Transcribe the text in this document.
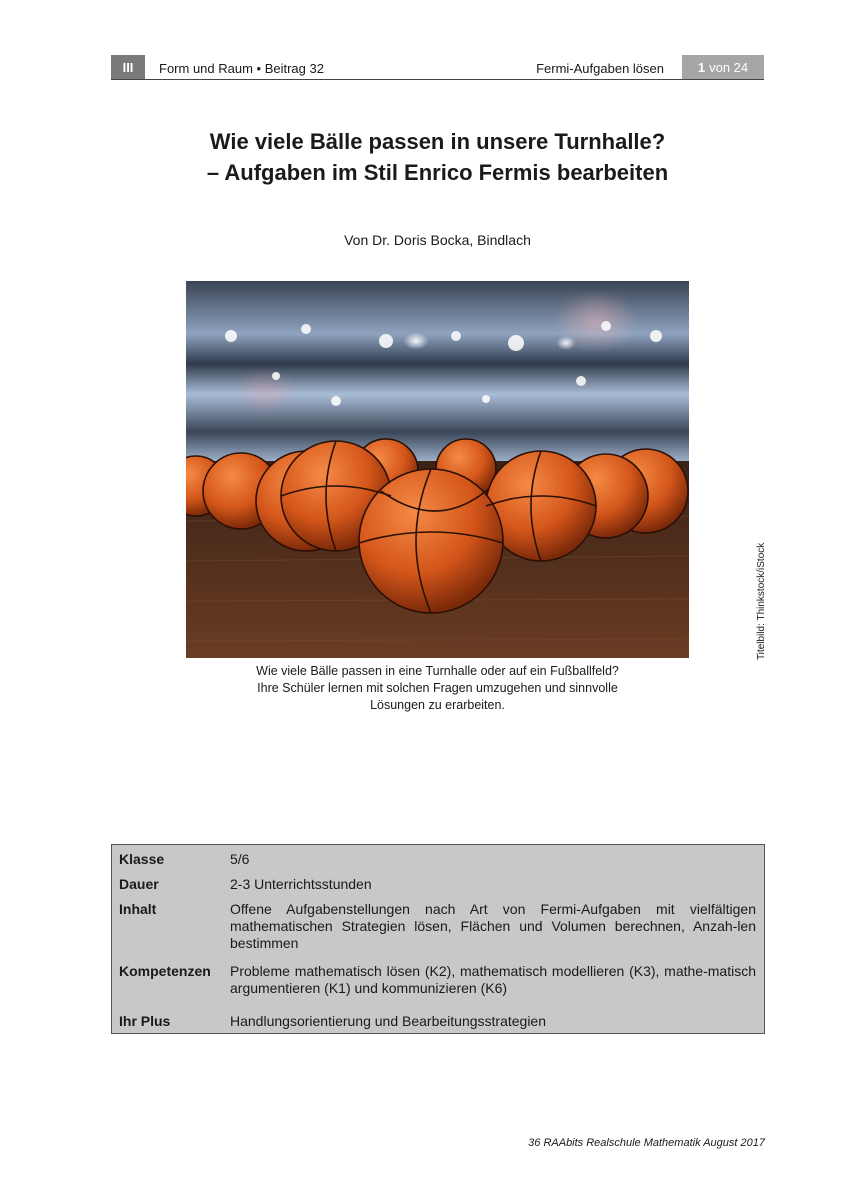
III	Form und Raum • Beitrag 32	Fermi-Aufgaben lösen	1 von 24
Wie viele Bälle passen in unsere Turnhalle?
– Aufgaben im Stil Enrico Fermis bearbeiten
Von Dr. Doris Bocka, Bindlach
Wie viele Bälle passen in eine Turnhalle oder auf ein Fußballfeld?
Ihre Schüler lernen mit solchen Fragen umzugehen und sinnvolle
Lösungen zu erarbeiten.
Titelbild: Thinkstock/iStock
Klasse	5/6
Dauer	2-3 Unterrichtsstunden
Inhalt	Offene Aufgabenstellungen nach Art von Fermi-Aufgaben mit vielfältigen mathematischen Strategien lösen, Flächen und Volumen berechnen, Anzah-len bestimmen
Kompetenzen Probleme mathematisch lösen (K2), mathematisch modellieren (K3), mathe-matisch argumentieren (K1) und kommunizieren (K6)
Ihr Plus	Handlungsorientierung und Bearbeitungsstrategien
36 RAAbits Realschule Mathematik August 2017
